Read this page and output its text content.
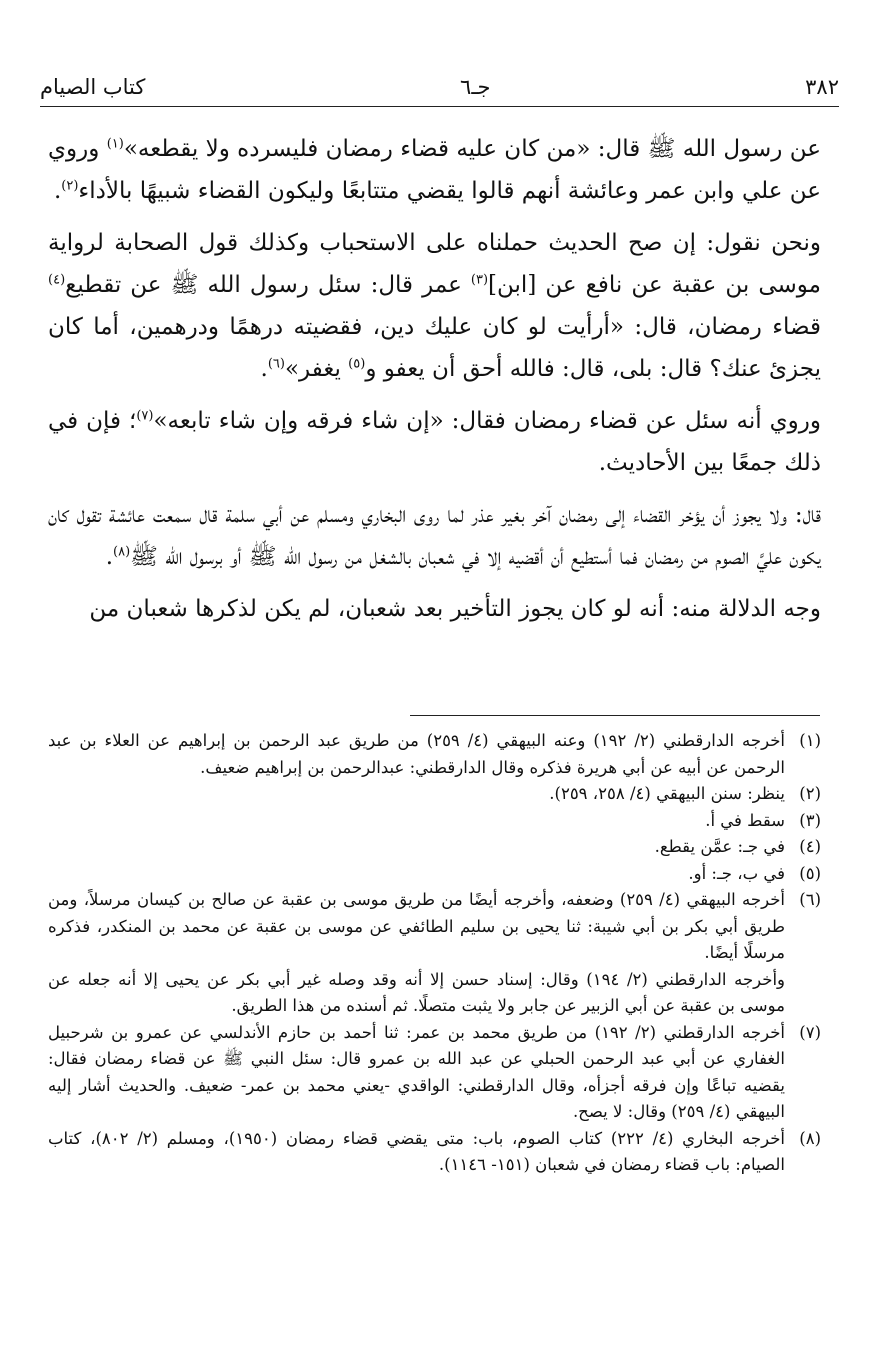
٣٨٢
جـ٦
كتاب الصيام

عن رسول الله ﷺ قال: «من كان عليه قضاء رمضان فليسرده ولا يقطعه»$^{(١)}$ وروي عن علي وابن عمر وعائشة أنهم قالوا يقضي متتابعًا وليكون القضاء شبيهًا بالأداء$^{(٢)}$.

ونحن نقول: إن صح الحديث حملناه على الاستحباب وكذلك قول الصحابة لرواية موسى بن عقبة عن نافع عن [ابن]$^{(٣)}$ عمر قال: سئل رسول الله ﷺ عن تقطيع$^{(٤)}$ قضاء رمضان، قال: «أرأيت لو كان عليك دين، فقضيته درهمًا ودرهمين، أما كان يجزئ عنك؟ قال: بلى، قال: فالله أحق أن يعفو و$^{(٥)}$ يغفر»$^{(٦)}$.

وروي أنه سئل عن قضاء رمضان فقال: «إن شاء فرقه وإن شاء تابعه»$^{(٧)}$؛ فإن في ذلك جمعًا بين الأحاديث.

قال: ولا يجوز أن يؤخر القضاء إلى رمضان آخر بغير عذر لما روى البخاري ومسلم عن أبي سلمة قال سمعت عائشة تقول كان يكون عليَّ الصوم من رمضان فما أستطيع أن أقضيه إلا في شعبان بالشغل من رسول الله ﷺ أو برسول الله ﷺ$^{(٨)}$.

وجه الدلالة منه: أنه لو كان يجوز التأخير بعد شعبان، لم يكن لذكرها شعبان من

(١)
أخرجه الدارقطني (٢/ ١٩٢) وعنه البيهقي (٤/ ٢٥٩) من طريق عبد الرحمن بن إبراهيم عن العلاء بن عبد الرحمن عن أبيه عن أبي هريرة فذكره وقال الدارقطني: عبدالرحمن بن إبراهيم ضعيف.
(٢)
ينظر: سنن البيهقي (٤/ ٢٥٨، ٢٥٩).
(٣)
سقط في أ.
(٤)
في جـ: عمَّن يقطع.
(٥)
في ب، جـ: أو.
(٦)
أخرجه البيهقي (٤/ ٢٥٩) وضعفه، وأخرجه أيضًا من طريق موسى بن عقبة عن صالح بن كيسان مرسلاً، ومن طريق أبي بكر بن أبي شيبة: ثنا يحيى بن سليم الطائفي عن موسى بن عقبة عن محمد بن المنكدر، فذكره مرسلًا أيضًا.
وأخرجه الدارقطني (٢/ ١٩٤) وقال: إسناد حسن إلا أنه وقد وصله غير أبي بكر عن يحيى إلا أنه جعله عن موسى بن عقبة عن أبي الزبير عن جابر ولا يثبت متصلًا. ثم أسنده من هذا الطريق.
(٧)
أخرجه الدارقطني (٢/ ١٩٢) من طريق محمد بن عمر: ثنا أحمد بن حازم الأندلسي عن عمرو بن شرحبيل الغفاري عن أبي عبد الرحمن الحبلي عن عبد الله بن عمرو قال: سئل النبي ﷺ عن قضاء رمضان فقال: يقضيه تباعًا وإن فرقه أجزأه، وقال الدارقطني: الواقدي -يعني محمد بن عمر- ضعيف. والحديث أشار إليه البيهقي (٤/ ٢٥٩) وقال: لا يصح.
(٨)
أخرجه البخاري (٤/ ٢٢٢) كتاب الصوم، باب: متى يقضي قضاء رمضان (١٩٥٠)، ومسلم (٢/ ٨٠٢)، كتاب الصيام: باب قضاء رمضان في شعبان (١٥١- ١١٤٦).
